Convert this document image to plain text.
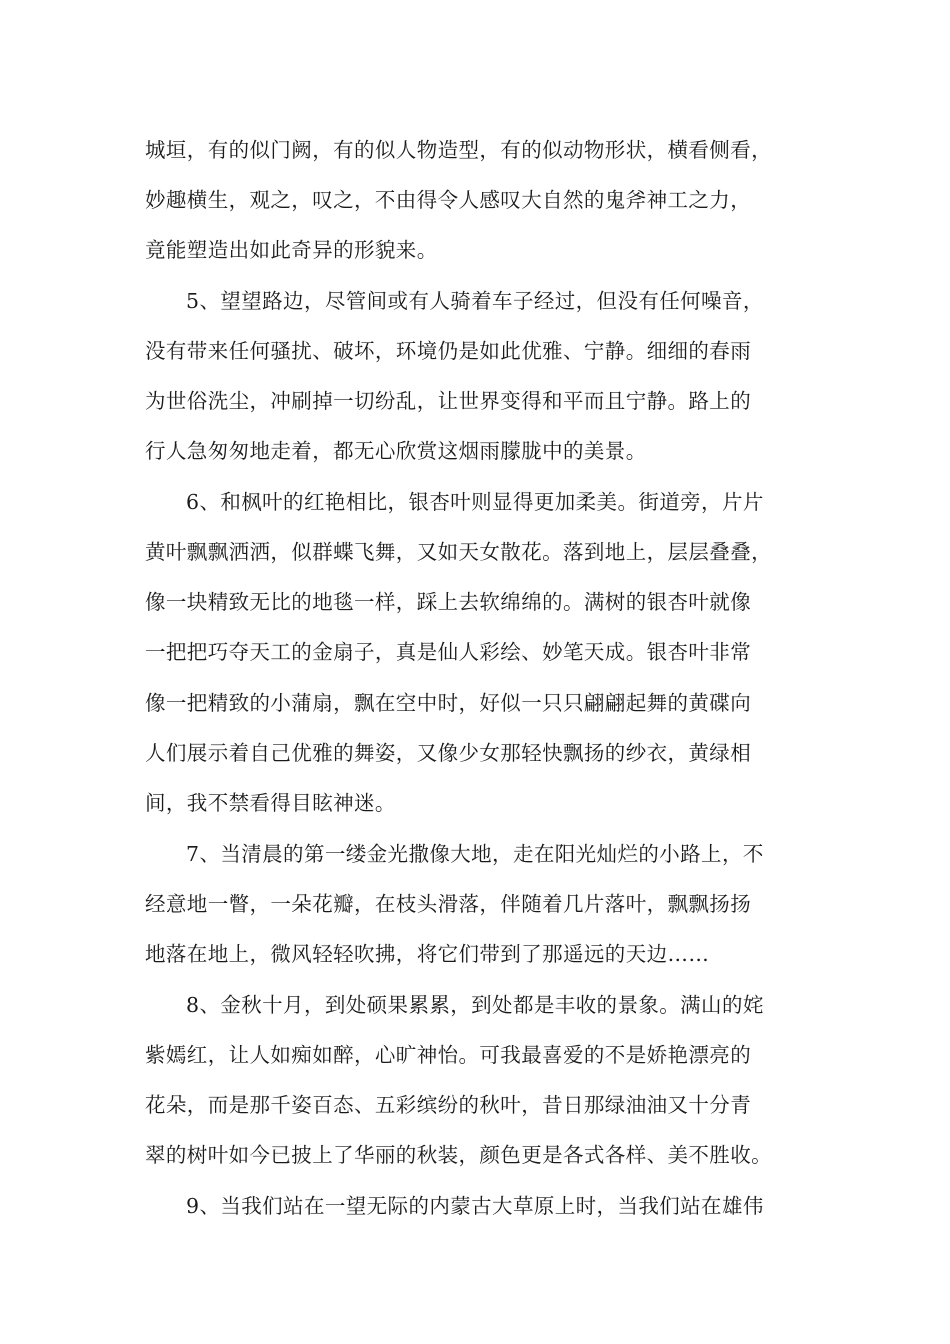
城垣，有的似门阙，有的似人物造型，有的似动物形状，横看侧看，
妙趣横生，观之，叹之，不由得令人感叹大自然的鬼斧神工之力，
竟能塑造出如此奇异的形貌来。
5、望望路边，尽管间或有人骑着车子经过，但没有任何噪音，
没有带来任何骚扰、破坏，环境仍是如此优雅、宁静。细细的春雨
为世俗洗尘，冲刷掉一切纷乱，让世界变得和平而且宁静。路上的
行人急匆匆地走着，都无心欣赏这烟雨朦胧中的美景。
6、和枫叶的红艳相比，银杏叶则显得更加柔美。街道旁，片片
黄叶飘飘洒洒，似群蝶飞舞，又如天女散花。落到地上，层层叠叠，
像一块精致无比的地毯一样，踩上去软绵绵的。满树的银杏叶就像
一把把巧夺天工的金扇子，真是仙人彩绘、妙笔天成。银杏叶非常
像一把精致的小蒲扇，飘在空中时，好似一只只翩翩起舞的黄碟向
人们展示着自己优雅的舞姿，又像少女那轻快飘扬的纱衣，黄绿相
间，我不禁看得目眩神迷。
7、当清晨的第一缕金光撒像大地，走在阳光灿烂的小路上，不
经意地一瞥，一朵花瓣，在枝头滑落，伴随着几片落叶，飘飘扬扬
地落在地上，微风轻轻吹拂，将它们带到了那遥远的天边……
8、金秋十月，到处硕果累累，到处都是丰收的景象。满山的姹
紫嫣红，让人如痴如醉，心旷神怡。可我最喜爱的不是娇艳漂亮的
花朵，而是那千姿百态、五彩缤纷的秋叶，昔日那绿油油又十分青
翠的树叶如今已披上了华丽的秋装，颜色更是各式各样、美不胜收。
9、当我们站在一望无际的内蒙古大草原上时，当我们站在雄伟
